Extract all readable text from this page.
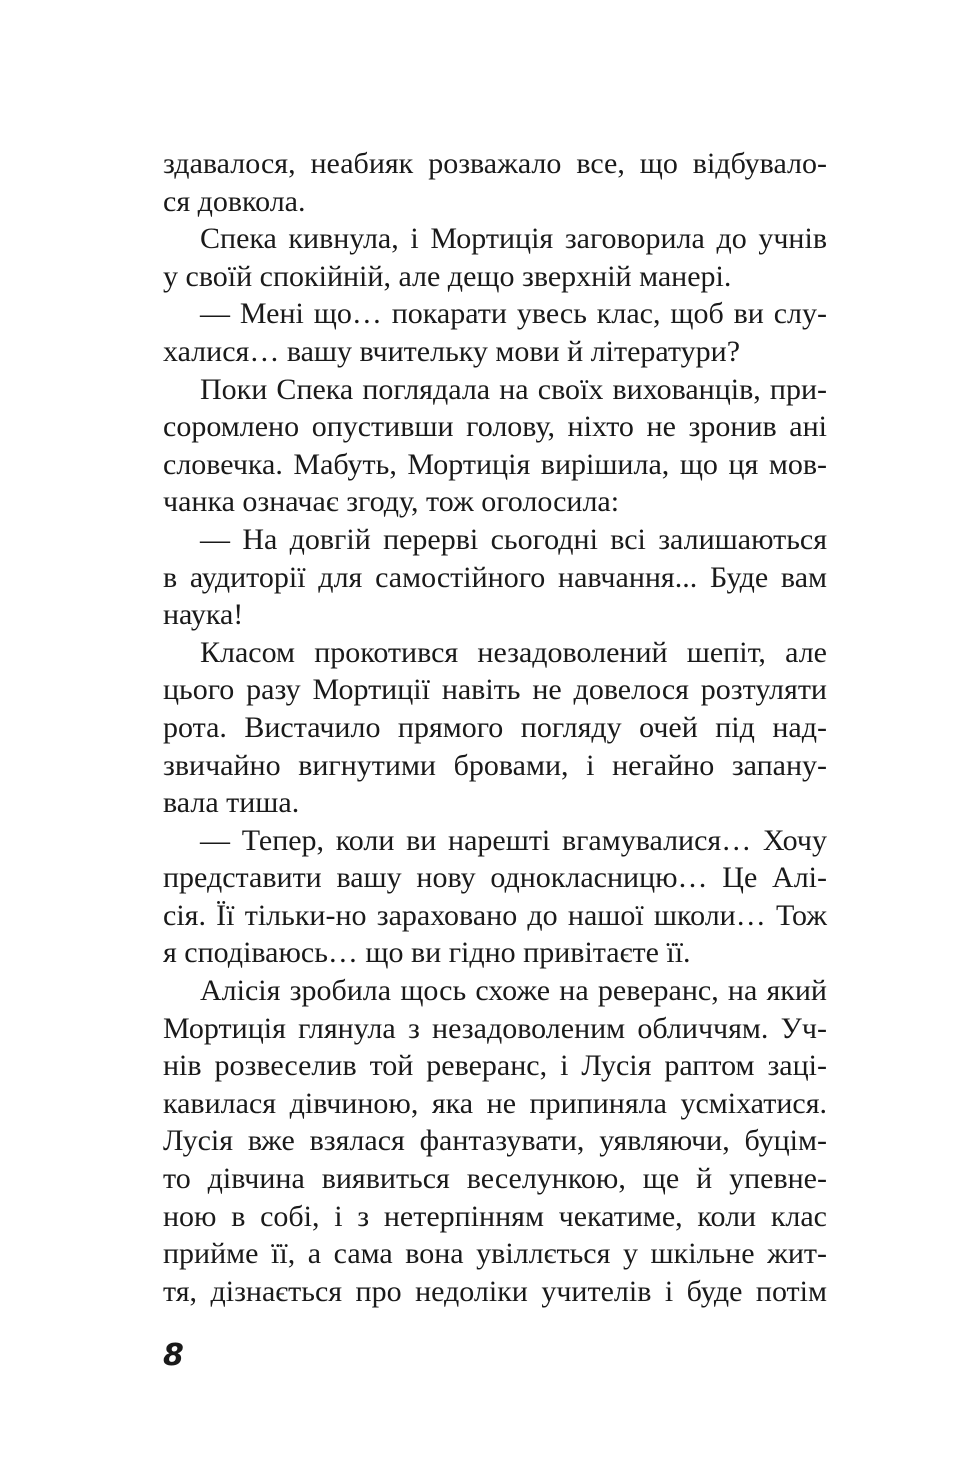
здавалося, неабияк розважало все, що відбувало-
ся довкола.
Спека кивнула, і Мортиція заговорила до учнів
у своїй спокійній, але дещо зверхній манері.
— Мені що… покарати увесь клас, щоб ви слу-
халися… вашу вчительку мови й літератури?
Поки Спека поглядала на своїх вихованців, при-
соромлено опустивши голову, ніхто не зронив ані
словечка. Мабуть, Мортиція вирішила, що ця мов-
чанка означає згоду, тож оголосила:
— На довгій перерві сьогодні всі залишаються
в аудиторії для самостійного навчання... Буде вам
наука!
Класом прокотився незадоволений шепіт, але
цього разу Мортиції навіть не довелося розтуляти
рота. Вистачило прямого погляду очей під над-
звичайно вигнутими бровами, і негайно запану-
вала тиша.
— Тепер, коли ви нарешті вгамувалися… Хочу
представити вашу нову однокласницю… Це Алі-
сія. Її тільки-но зараховано до нашої школи… Тож
я сподіваюсь… що ви гідно привітаєте її.
Алісія зробила щось схоже на реверанс, на який
Мортиція глянула з незадоволеним обличчям. Уч-
нів розвеселив той реверанс, і Лусія раптом заці-
кавилася дівчиною, яка не припиняла усміхатися.
Лусія вже взялася фантазувати, уявляючи, буцім-
то дівчина виявиться веселункою, ще й упевне-
ною в собі, і з нетерпінням чекатиме, коли клас
прийме її, а сама вона увіллється у шкільне жит-
тя, дізнається про недоліки учителів і буде потім
8
